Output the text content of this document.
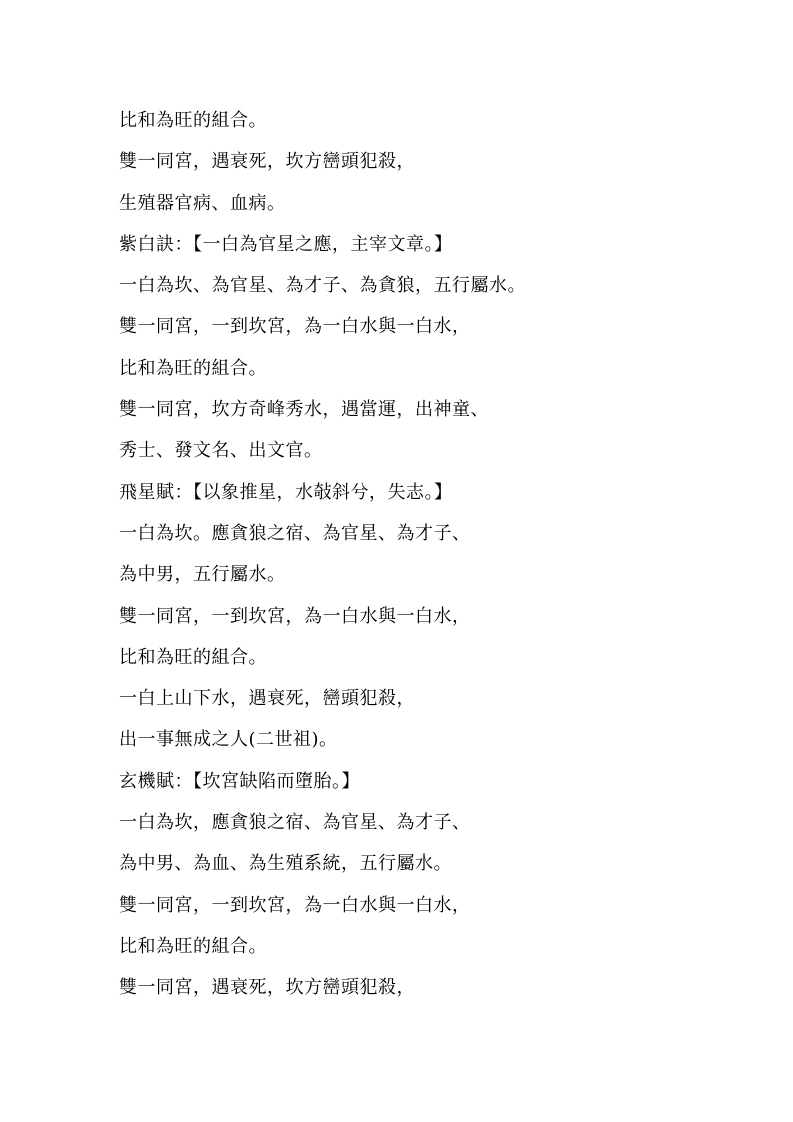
比和為旺的組合。
雙一同宮，遇衰死，坎方巒頭犯殺，
生殖器官病、血病。
紫白訣：【一白為官星之應，主宰文章。】
一白為坎、為官星、為才子、為貪狼，五行屬水。
雙一同宮，一到坎宮，為一白水與一白水，
比和為旺的組合。
雙一同宮，坎方奇峰秀水，遇當運，出神童、
秀士、發文名、出文官。
飛星賦：【以象推星，水敧斜兮，失志。】
一白為坎。應貪狼之宿、為官星、為才子、
為中男，五行屬水。
雙一同宮，一到坎宮，為一白水與一白水，
比和為旺的組合。
一白上山下水，遇衰死，巒頭犯殺，
出一事無成之人(二世祖)。
玄機賦：【坎宮缺陷而墮胎。】
一白為坎，應貪狼之宿、為官星、為才子、
為中男、為血、為生殖系統，五行屬水。
雙一同宮，一到坎宮，為一白水與一白水，
比和為旺的組合。
雙一同宮，遇衰死，坎方巒頭犯殺，
